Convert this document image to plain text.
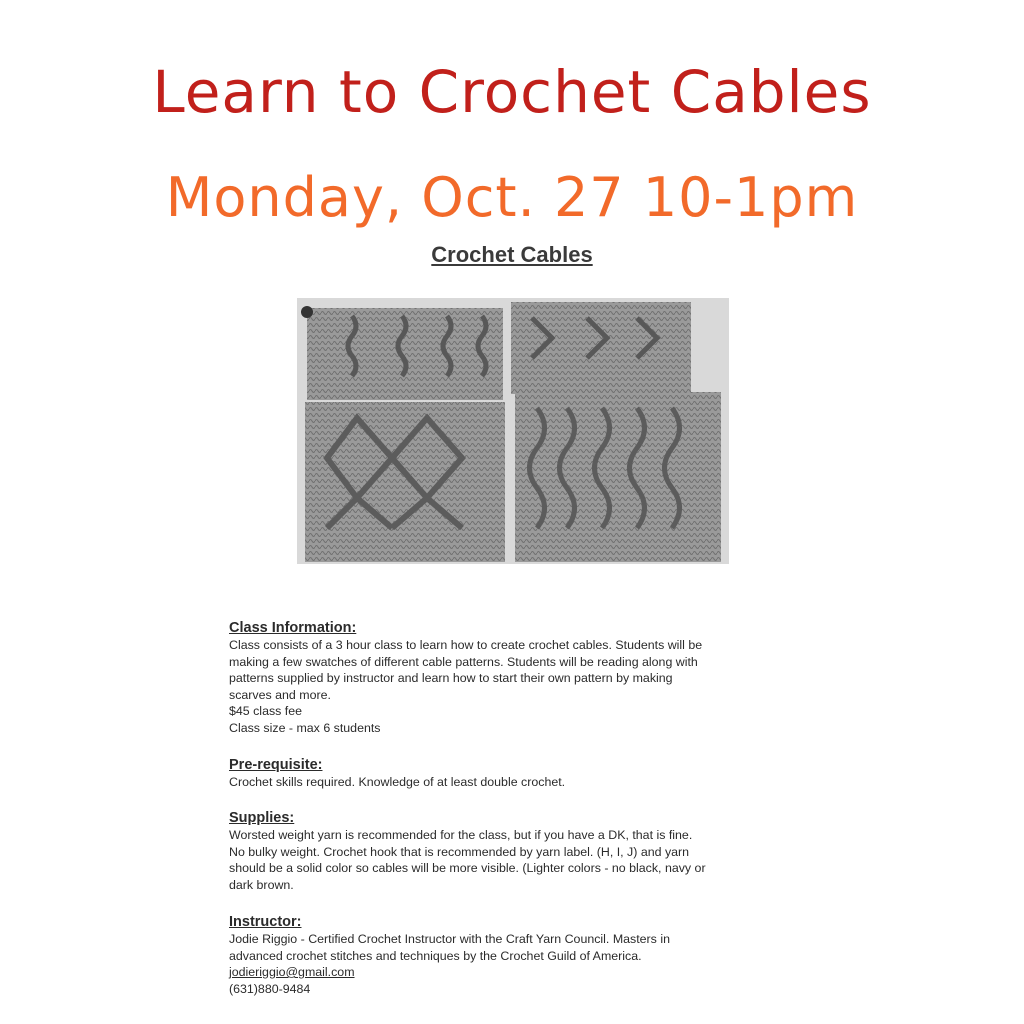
Learn to Crochet Cables
Monday, Oct. 27 10-1pm
Crochet Cables
Class Information:

Class consists of a 3 hour class to learn how to create crochet cables. Students will be

making a few swatches of different cable patterns. Students will be reading along with

patterns supplied by instructor and learn how to start their own pattern by making

scarves and more.

$45 class fee

Class size - max 6 students

Pre-requisite:

Crochet skills required. Knowledge of at least double crochet.

Supplies:

Worsted weight yarn is recommended for the class, but if you have a DK, that is fine.

No bulky weight. Crochet hook that is recommended by yarn label. (H, I, J) and yarn

should be a solid color so cables will be more visible. (Lighter colors - no black, navy or

dark brown.

Instructor:

Jodie Riggio - Certified Crochet Instructor with the Craft Yarn Council. Masters in

advanced crochet stitches and techniques by the Crochet Guild of America.

jodieriggio@gmail.com

(631)880-9484
